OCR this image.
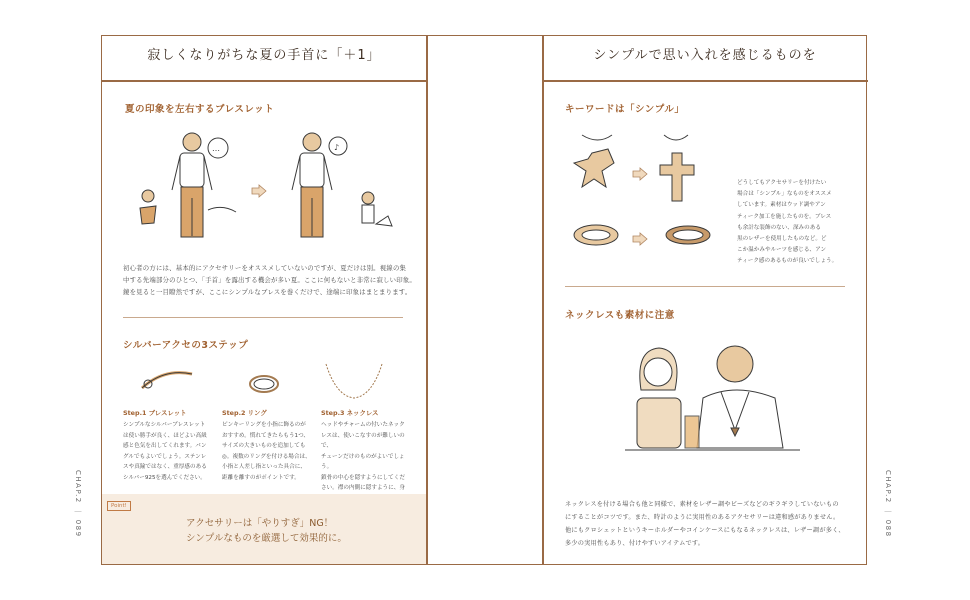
寂しくなりがちな夏の手首に「＋1」	シンプルで思い入れを感じるものを
夏の印象を左右するブレスレット
…	♪
初心者の方には、基本的にアクセサリーをオススメしていないのですが、夏だけは別。視線の集
中する先端部分のひとつ、「手首」を露出する機会が多い夏。ここに何もないと非常に寂しい印象。
鏡を見ると一目瞭然ですが、ここにシンプルなブレスを巻くだけで、途端に印象はまとまります。
シルバーアクセの3ステップ
Step.1 ブレスレット
シンプルなシルバーブレスレット
は使い勝手が良く、ほどよい高級
感と色気を出してくれます。バン
グルでもよいでしょう。ステンレ
スや真鍮ではなく、重厚感のある
シルバー925を選んでください。
Step.2 リング
ピンキーリングを小指に飾るのが
おすすめ。慣れてきたらもう1つ、
サイズの大きいものを追加しても
◎。複数のリングを付ける場合は、
小指と人差し指といった具合に、
距離を離すのがポイントです。
Step.3 ネックレス
ヘッドやチャームの付いたネック
レスは、使いこなすのが難しいので、
チェーンだけのものがよいでしょう。
鎖骨の中心を隠すようにしてくだ
さい。襟の内側に隠すように、身
Point!
アクセサリーは「やりすぎ」NG！
シンプルなものを厳選して効果的に。
CHAP.2 ｜ 089
キーワードは「シンプル」
どうしてもアクセサリーを付けたい
場合は「シンプル」なものをオススメ
しています。素材はウッド調やアン
ティーク加工を施したものを。ブレス
も余計な装飾のない、深みのある
黒のレザーを使用したものなど。ど
こか温かみやルーツを感じる、アン
ティーク感のあるものが良いでしょう。
ネックレスも素材に注意
ネックレスを付ける場合も他と同様で、素材をレザー調やビーズなどのギラギラしていないもの
にすることがコツです。また、時計のように実用性のあるアクセサリーは違和感がありません。
他にもクロシェットというキーホルダーやコインケースにもなるネックレスは、レザー調が多く、
多少の実用性もあり、付けやすいアイテムです。
CHAP.2 ｜ 088
